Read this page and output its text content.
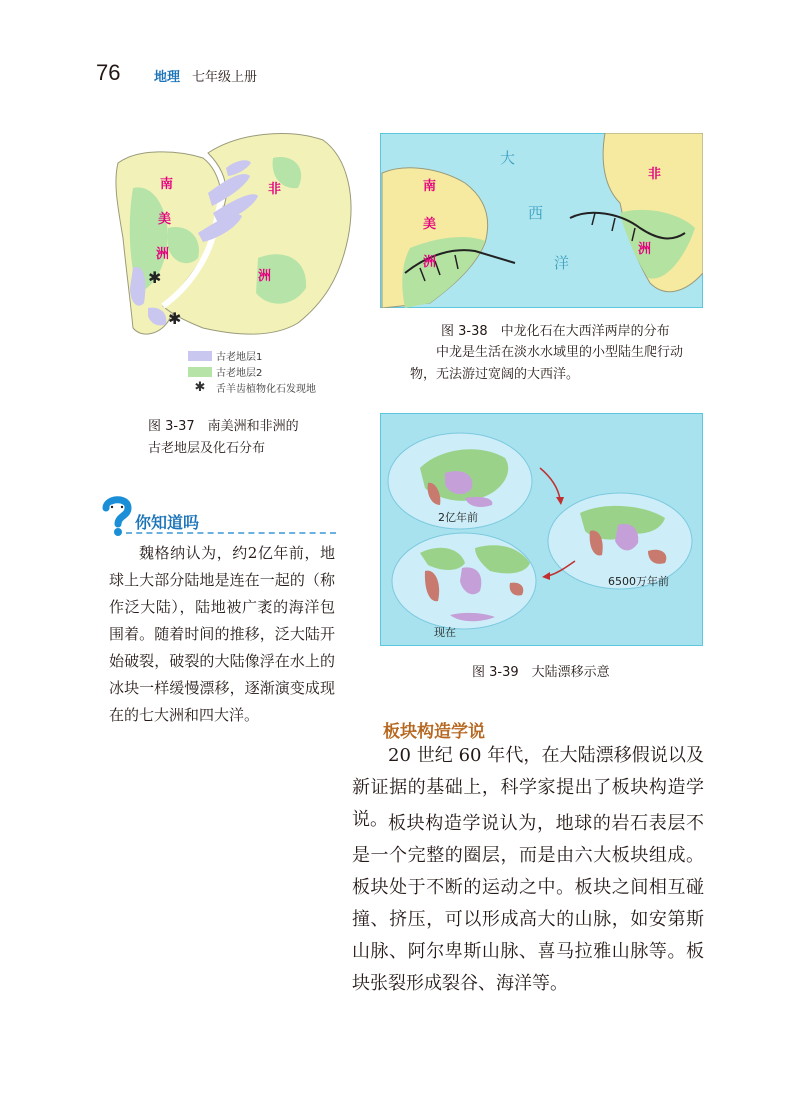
76	地理 七年级上册
✱
✱
南
美
洲
非
洲
古老地层1
古老地层2
✱	舌羊齿植物化石发现地
图 3-37　南美洲和非洲的
古老地层及化石分布
南
美
洲
大
西
洋
非
洲
图 3-38　中龙化石在大西洋两岸的分布
中龙是生活在淡水水域里的小型陆生爬行动物，无法游过宽阔的大西洋。
2亿年前
6500万年前
现在
图 3-39　大陆漂移示意
你知道吗
魏格纳认为，约2亿年前，地球上大部分陆地是连在一起的（称作泛大陆），陆地被广袤的海洋包围着。随着时间的推移，泛大陆开始破裂，破裂的大陆像浮在水上的冰块一样缓慢漂移，逐渐演变成现在的七大洲和四大洋。
板块构造学说
20 世纪 60 年代，在大陆漂移假说以及新证据的基础上，科学家提出了板块构造学说。 板块构造学说认为，地球的岩石表层不是一个完整的圈层，而是由六大板块组成。板块处于不断的运动之中。板块之间相互碰撞、挤压，可以形成高大的山脉，如安第斯山脉、阿尔卑斯山脉、喜马拉雅山脉等。板块张裂形成裂谷、海洋等。
